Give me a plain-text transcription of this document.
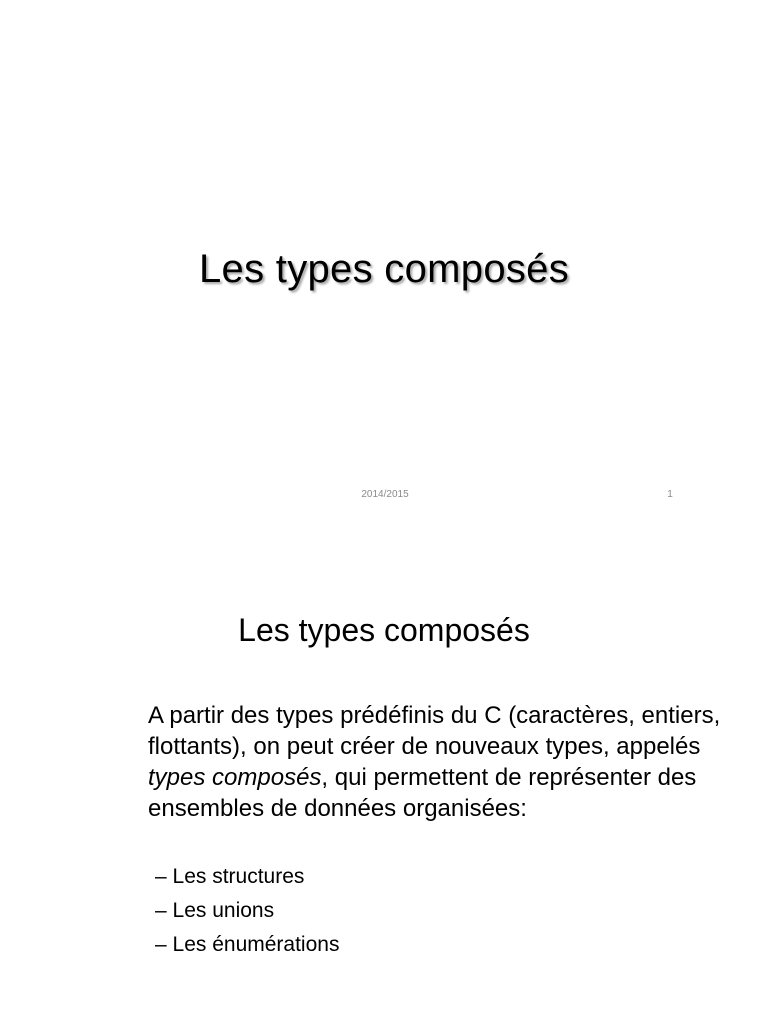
Les types composés
2014/2015	1
Les types composés
A partir des types prédéfinis du C (caractères, entiers, flottants), on peut créer de nouveaux types, appelés types composés, qui permettent de représenter des ensembles de données organisées:
– Les structures
– Les unions
– Les énumérations
